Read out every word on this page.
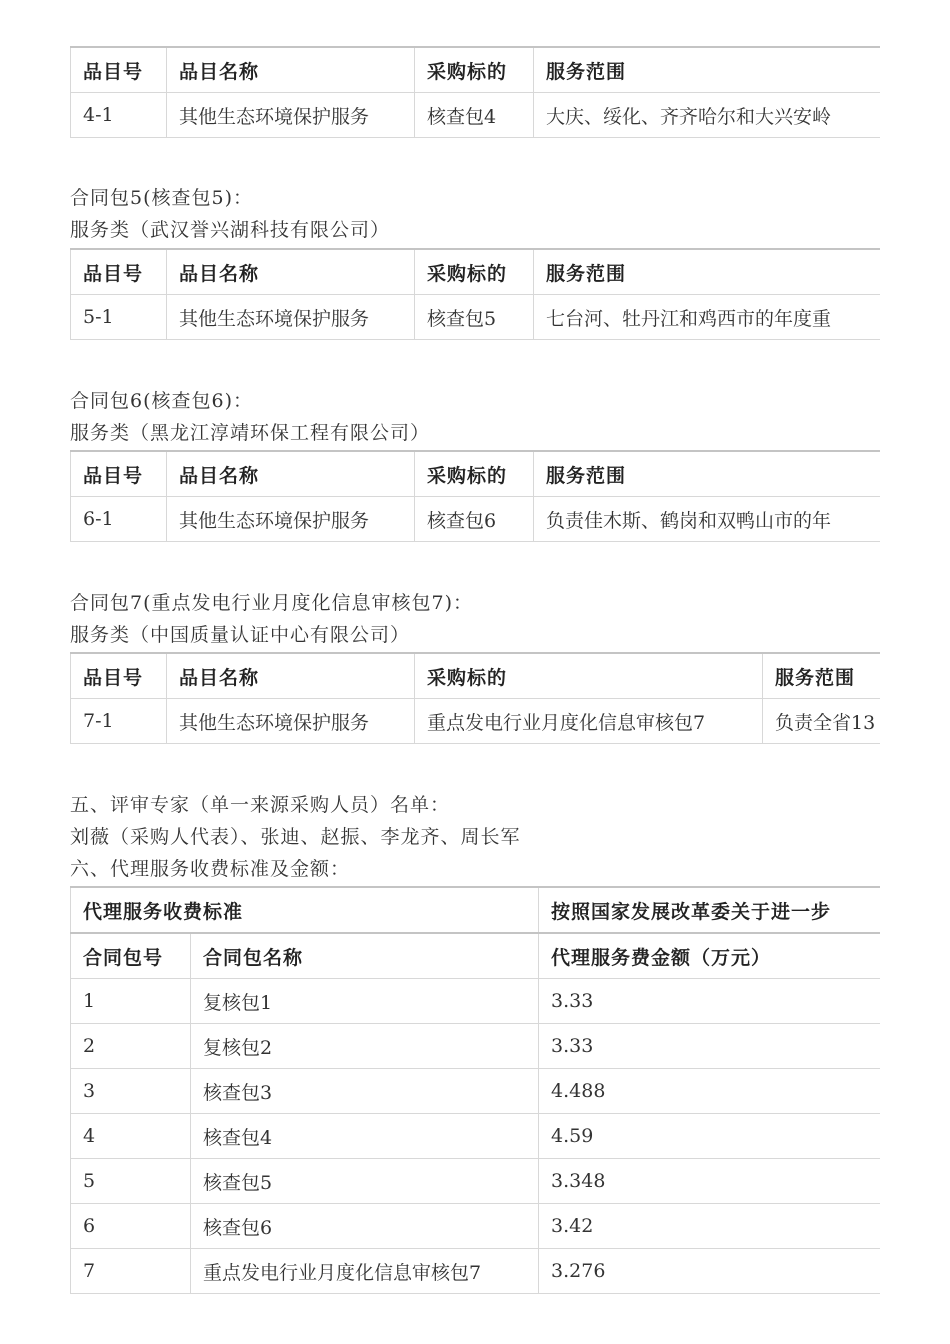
品目号	品目名称	采购标的	服务范围
4-1	其他生态环境保护服务	核查包4	大庆、绥化、齐齐哈尔和大兴安岭
合同包5(核查包5)：
服务类（武汉誉兴湖科技有限公司）
品目号	品目名称	采购标的	服务范围
5-1	其他生态环境保护服务	核查包5	七台河、牡丹江和鸡西市的年度重
合同包6(核查包6)：
服务类（黑龙江淳靖环保工程有限公司）
品目号	品目名称	采购标的	服务范围
6-1	其他生态环境保护服务	核查包6	负责佳木斯、鹤岗和双鸭山市的年
合同包7(重点发电行业月度化信息审核包7)：
服务类（中国质量认证中心有限公司）
品目号	品目名称	采购标的	服务范围
7-1	其他生态环境保护服务	重点发电行业月度化信息审核包7	负责全省13
五、评审专家（单一来源采购人员）名单：
刘薇（采购人代表）、张迪、赵振、李龙齐、周长军
六、代理服务收费标准及金额：
代理服务收费标准		按照国家发展改革委关于进一步
合同包号	合同包名称	代理服务费金额（万元）
1	复核包1	3.33
2	复核包2	3.33
3	核查包3	4.488
4	核查包4	4.59
5	核查包5	3.348
6	核查包6	3.42
7	重点发电行业月度化信息审核包7	3.276
